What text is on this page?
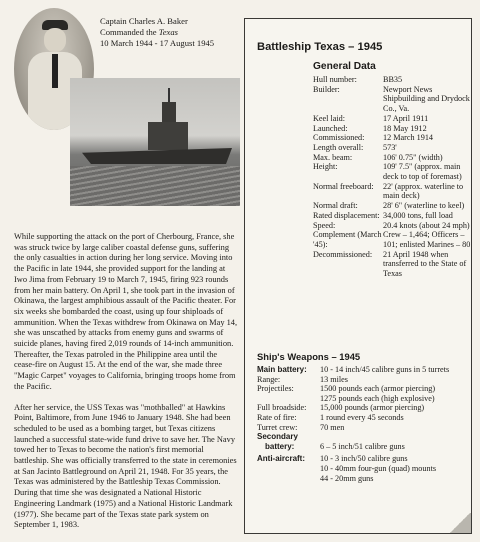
Captain Charles A. Baker
Commanded the Texas
10 March 1944 - 17 August 1945

While supporting the attack on the port of Cherbourg, France, she was struck twice by large caliber coastal defense guns, suffering the only casualties in action during her long service. Moving into the Pacific in late 1944, she provided support for the landing at Iwo Jima from February 19 to March 7, 1945, firing 923 rounds from her main battery. On April 1, she took part in the invasion of Okinawa, the largest amphibious assault of the Pacific theater. For six weeks she bombarded the coast, using up four shiploads of ammunition. When the Texas withdrew from Okinawa on May 14, she was unscathed by attacks from enemy guns and swarms of suicide planes, having fired 2,019 rounds of 14-inch ammunition. Thereafter, the Texas patroled in the Philippine area until the cease-fire on August 15. At the end of the war, she made three "Magic Carpet" voyages to California, bringing troops home from the Pacific.

After her service, the USS Texas was "mothballed" at Hawkins Point, Baltimore, from June 1946 to January 1948. She had been scheduled to be used as a bombing target, but Texas citizens launched a successful state-wide fund drive to save her. The Navy towed her to Texas to become the nation's first memorial battleship. She was officially transferred to the state in ceremonies at San Jacinto Battleground on April 21, 1948. For 35 years, the Texas was administered by the Battleship Texas Commission. During that time she was designated a National Historic Engineering Landmark (1975) and a National Historic Landmark (1977). She became part of the Texas state park system on September 1, 1983.

Battleship Texas – 1945
General Data
Hull number:	BB35
Builder:	Newport News Shipbuilding and Drydock Co., Va.
Keel laid:	17 April 1911
Launched:	18 May 1912
Commissioned:	12 March 1914
Length overall:	573'
Max. beam:	106' 0.75" (width)
Height:	109' 7.5" (approx. main deck to top of foremast)
Normal freeboard:	22' (approx. waterline to main deck)
Normal draft:	28' 6" (waterline to keel)
Rated displacement: 34,000 tons, full load
Speed:	20.4 knots (about 24 mph)
Complement (March '45):
Crew – 1,464; Officers – 101; enlisted Marines – 80
Decommissioned:	21 April 1948 when transferred to the State of Texas
Ship's Weapons – 1945
Main battery:	10 - 14 inch/45 calibre guns in 5 turrets
Range:	13 miles
Projectiles:	1500 pounds each (armor piercing)
1275 pounds each (high explosive)
Full broadside:	15,000 pounds (armor piercing)
Rate of fire:	1 round every 45 seconds
Turret crew:	70 men
Secondary
battery:	6 – 5 inch/51 calibre guns
Anti-aircraft:	10 - 3 inch/50 calibre guns
10 - 40mm four-gun (quad) mounts
44 - 20mm guns
